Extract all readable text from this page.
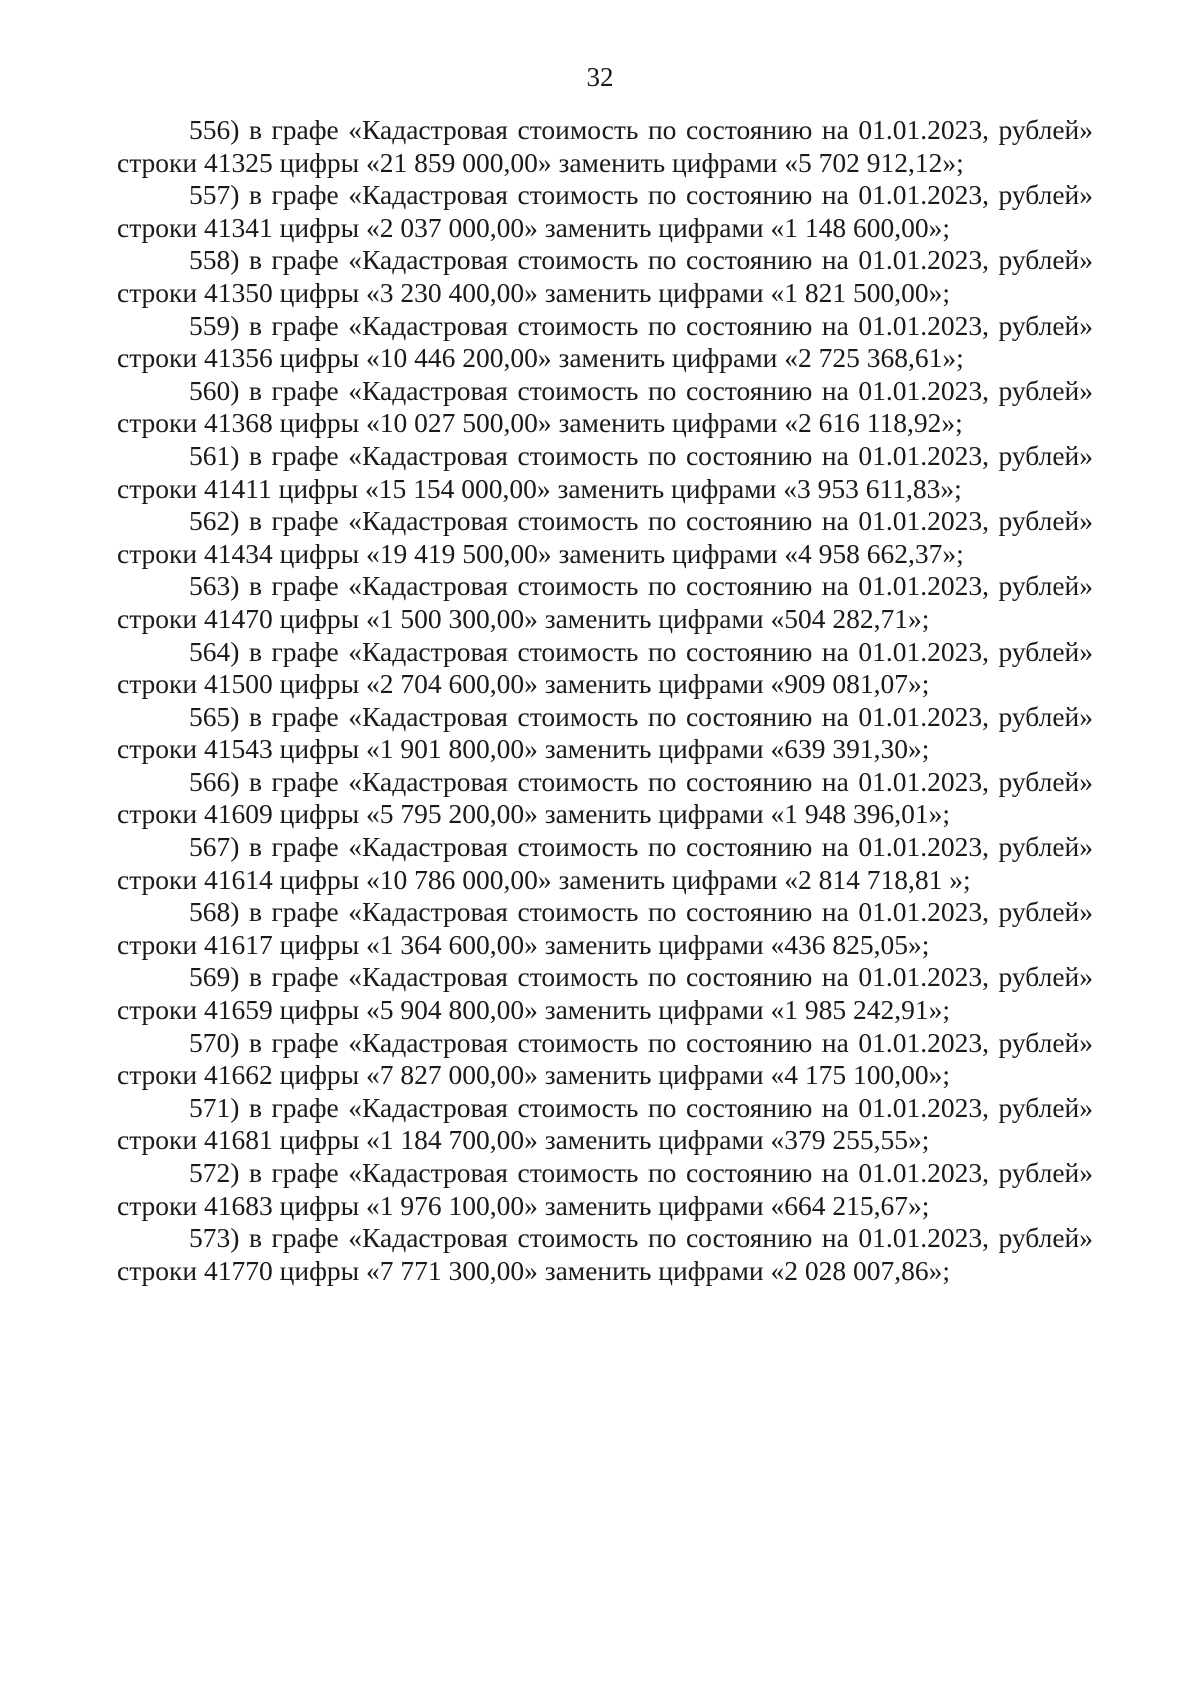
32

556) в графе «Кадастровая стоимость по состоянию на 01.01.2023, рублей» строки 41325 цифры «21 859 000,00» заменить цифрами «5 702 912,12»;

557) в графе «Кадастровая стоимость по состоянию на 01.01.2023, рублей» строки 41341 цифры «2 037 000,00» заменить цифрами «1 148 600,00»;

558) в графе «Кадастровая стоимость по состоянию на 01.01.2023, рублей» строки 41350 цифры «3 230 400,00» заменить цифрами «1 821 500,00»;

559) в графе «Кадастровая стоимость по состоянию на 01.01.2023, рублей» строки 41356 цифры «10 446 200,00» заменить цифрами «2 725 368,61»;

560) в графе «Кадастровая стоимость по состоянию на 01.01.2023, рублей» строки 41368 цифры «10 027 500,00» заменить цифрами «2 616 118,92»;

561) в графе «Кадастровая стоимость по состоянию на 01.01.2023, рублей» строки 41411 цифры «15 154 000,00» заменить цифрами «3 953 611,83»;

562) в графе «Кадастровая стоимость по состоянию на 01.01.2023, рублей» строки 41434 цифры «19 419 500,00» заменить цифрами «4 958 662,37»;

563) в графе «Кадастровая стоимость по состоянию на 01.01.2023, рублей» строки 41470 цифры «1 500 300,00» заменить цифрами «504 282,71»;

564) в графе «Кадастровая стоимость по состоянию на 01.01.2023, рублей» строки 41500 цифры «2 704 600,00» заменить цифрами «909 081,07»;

565) в графе «Кадастровая стоимость по состоянию на 01.01.2023, рублей» строки 41543 цифры «1 901 800,00» заменить цифрами «639 391,30»;

566) в графе «Кадастровая стоимость по состоянию на 01.01.2023, рублей» строки 41609 цифры «5 795 200,00» заменить цифрами «1 948 396,01»;

567) в графе «Кадастровая стоимость по состоянию на 01.01.2023, рублей» строки 41614 цифры «10 786 000,00» заменить цифрами «2 814 718,81 »;

568) в графе «Кадастровая стоимость по состоянию на 01.01.2023, рублей» строки 41617 цифры «1 364 600,00» заменить цифрами «436 825,05»;

569) в графе «Кадастровая стоимость по состоянию на 01.01.2023, рублей» строки 41659 цифры «5 904 800,00» заменить цифрами «1 985 242,91»;

570) в графе «Кадастровая стоимость по состоянию на 01.01.2023, рублей» строки 41662 цифры «7 827 000,00» заменить цифрами «4 175 100,00»;

571) в графе «Кадастровая стоимость по состоянию на 01.01.2023, рублей» строки 41681 цифры «1 184 700,00» заменить цифрами «379 255,55»;

572) в графе «Кадастровая стоимость по состоянию на 01.01.2023, рублей» строки 41683 цифры «1 976 100,00» заменить цифрами «664 215,67»;

573) в графе «Кадастровая стоимость по состоянию на 01.01.2023, рублей» строки 41770 цифры «7 771 300,00» заменить цифрами «2 028 007,86»;
